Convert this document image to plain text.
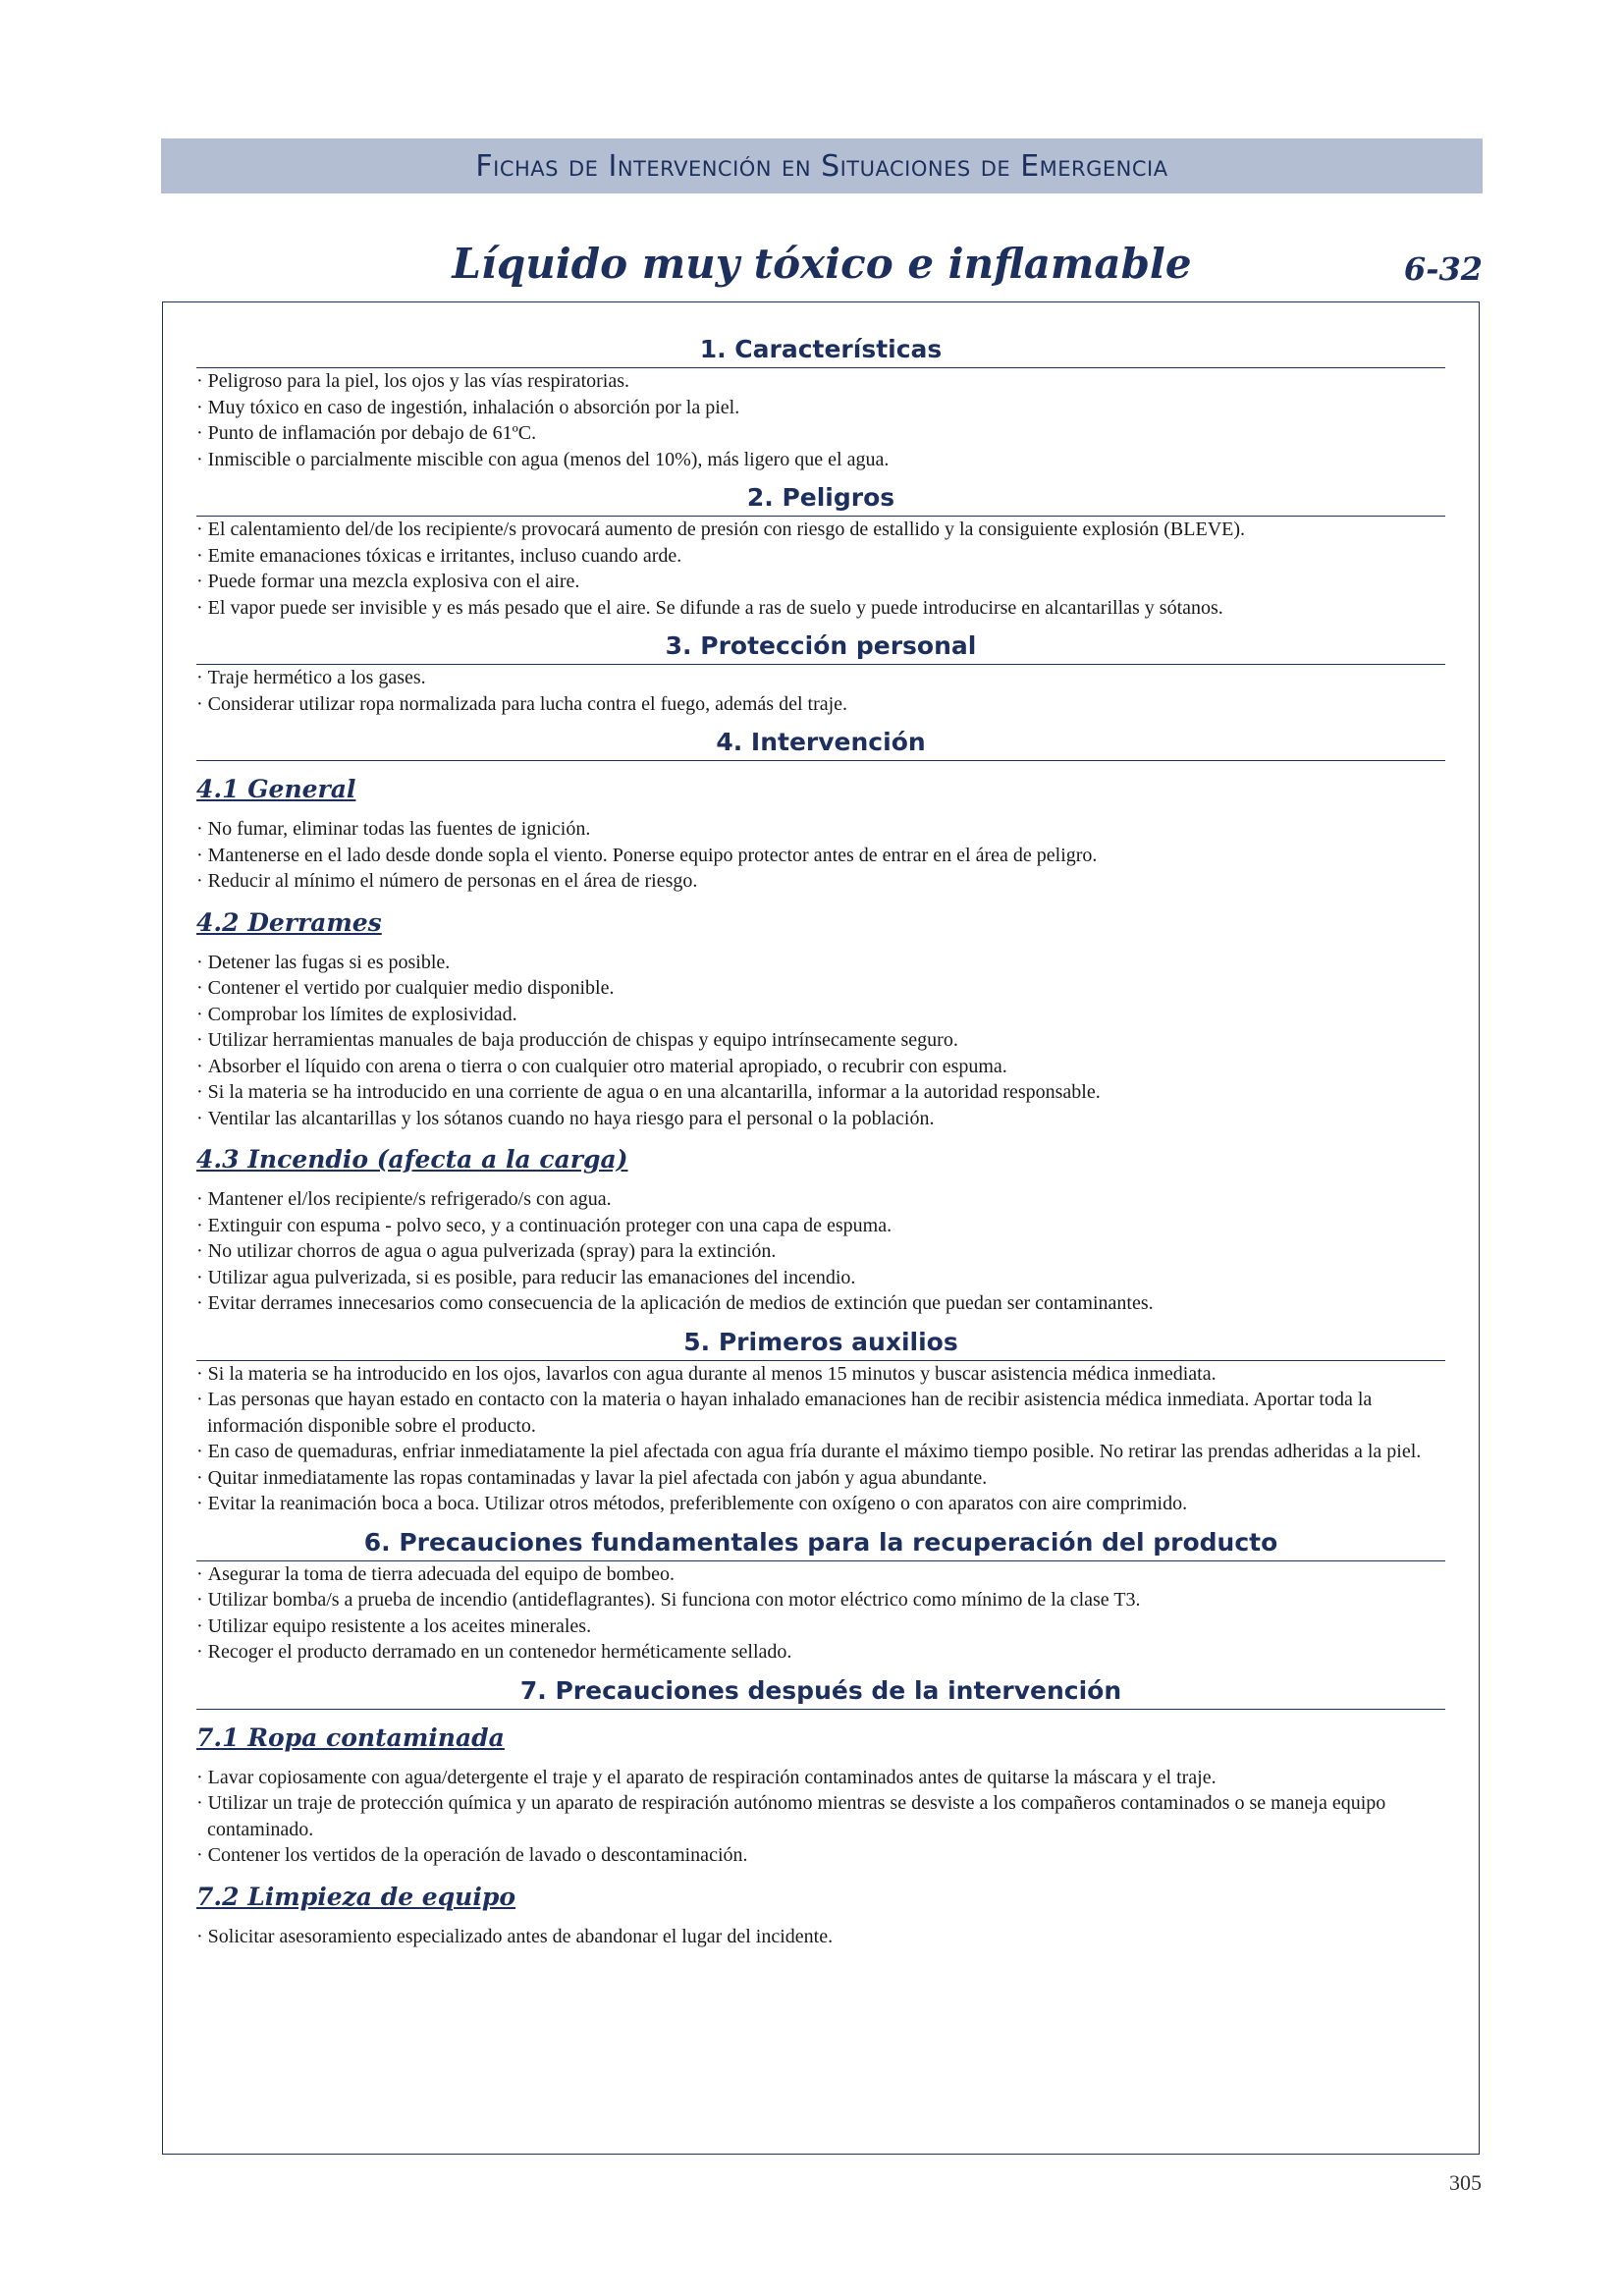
Fichas de Intervención en Situaciones de Emergencia
Líquido muy tóxico e inflamable	6-32
1. Características
· Peligroso para la piel, los ojos y las vías respiratorias.
· Muy tóxico en caso de ingestión, inhalación o absorción por la piel.
· Punto de inflamación por debajo de 61ºC.
· Inmiscible o parcialmente miscible con agua (menos del 10%), más ligero que el agua.
2. Peligros
· El calentamiento del/de los recipiente/s provocará aumento de presión con riesgo de estallido y la consiguiente explosión (BLEVE).
· Emite emanaciones tóxicas e irritantes, incluso cuando arde.
· Puede formar una mezcla explosiva con el aire.
· El vapor puede ser invisible y es más pesado que el aire. Se difunde a ras de suelo y puede introducirse en alcantarillas y sótanos.
3. Protección personal
· Traje hermético a los gases.
· Considerar utilizar ropa normalizada para lucha contra el fuego, además del traje.
4. Intervención
4.1 General
· No fumar, eliminar todas las fuentes de ignición.
· Mantenerse en el lado desde donde sopla el viento. Ponerse equipo protector antes de entrar en el área de peligro.
· Reducir al mínimo el número de personas en el área de riesgo.
4.2 Derrames
· Detener las fugas si es posible.
· Contener el vertido por cualquier medio disponible.
· Comprobar los límites de explosividad.
· Utilizar herramientas manuales de baja producción de chispas y equipo intrínsecamente seguro.
· Absorber el líquido con arena o tierra o con cualquier otro material apropiado, o recubrir con espuma.
· Si la materia se ha introducido en una corriente de agua o en una alcantarilla, informar a la autoridad responsable.
· Ventilar las alcantarillas y los sótanos cuando no haya riesgo para el personal o la población.
4.3 Incendio (afecta a la carga)
· Mantener el/los recipiente/s refrigerado/s con agua.
· Extinguir con espuma - polvo seco, y a continuación proteger con una capa de espuma.
· No utilizar chorros de agua o agua pulverizada (spray) para la extinción.
· Utilizar agua pulverizada, si es posible, para reducir las emanaciones del incendio.
· Evitar derrames innecesarios como consecuencia de la aplicación de medios de extinción que puedan ser contaminantes.
5. Primeros auxilios
· Si la materia se ha introducido en los ojos, lavarlos con agua durante al menos 15 minutos y buscar asistencia médica inmediata.
· Las personas que hayan estado en contacto con la materia o hayan inhalado emanaciones han de recibir asistencia médica inmediata. Aportar toda la información disponible sobre el producto.
· En caso de quemaduras, enfriar inmediatamente la piel afectada con agua fría durante el máximo tiempo posible. No retirar las prendas adheridas a la piel.
· Quitar inmediatamente las ropas contaminadas y lavar la piel afectada con jabón y agua abundante.
· Evitar la reanimación boca a boca. Utilizar otros métodos, preferiblemente con oxígeno o con aparatos con aire comprimido.
6. Precauciones fundamentales para la recuperación del producto
· Asegurar la toma de tierra adecuada del equipo de bombeo.
· Utilizar bomba/s a prueba de incendio (antideflagrantes). Si funciona con motor eléctrico como mínimo de la clase T3.
· Utilizar equipo resistente a los aceites minerales.
· Recoger el producto derramado en un contenedor herméticamente sellado.
7. Precauciones después de la intervención
7.1 Ropa contaminada
· Lavar copiosamente con agua/detergente el traje y el aparato de respiración contaminados antes de quitarse la máscara y el traje.
· Utilizar un traje de protección química y un aparato de respiración autónomo mientras se desviste a los compañeros contaminados o se maneja equipo contaminado.
· Contener los vertidos de la operación de lavado o descontaminación.
7.2 Limpieza de equipo
· Solicitar asesoramiento especializado antes de abandonar el lugar del incidente.
305
